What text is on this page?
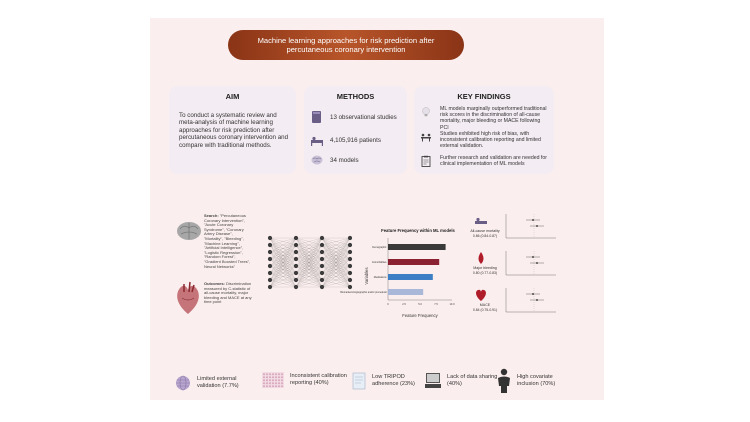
Machine learning approaches for risk prediction after percutaneous coronary intervention
AIM
To conduct a systematic review and meta-analysis of machine learning approaches for risk prediction after percutaneous coronary intervention and compare with traditional methods.
METHODS
13 observational studies
4,105,916 patients
34 models
KEY FINDINGS
ML models marginally outperformed traditional risk scores in the discrimination of all-cause mortality, major bleeding or MACE following PCI
Studies exhibited high risk of bias, with inconsistent calibration reporting and limited external validation.
Further research and validation are needed for clinical implementation of ML models
Search: "Percutaneous Coronary Intervention", "Acute Coronary Syndrome", "Coronary Artery Disease", "Mortality", "Bleeding", "Machine Learning", "Artificial Intelligence", "Logistic Regression", "Random Forest", "Gradient Boosted Trees", Neural Networks"
Outcomes: Discrimination measured by C-statistic of all-cause mortality, major bleeding and MACE at any time point
Feature Frequency within ML models
Feature Frequency
Variables
Demographic
Comorbidities
Medications
Biomarkers/Angiographic and/or procedural
0	2.5	5.0	7.5	10.0
All-cause mortality
0.86 (0.84-0.87)
Major bleeding
0.80 (0.77-0.83)
MACE
0.84 (0.75-0.91)
Limited external validation (7.7%)
Inconsistent calibration reporting (40%)
Low TRIPOD adherence (23%)
Lack of data sharing (40%)
High covariate inclusion (70%)
